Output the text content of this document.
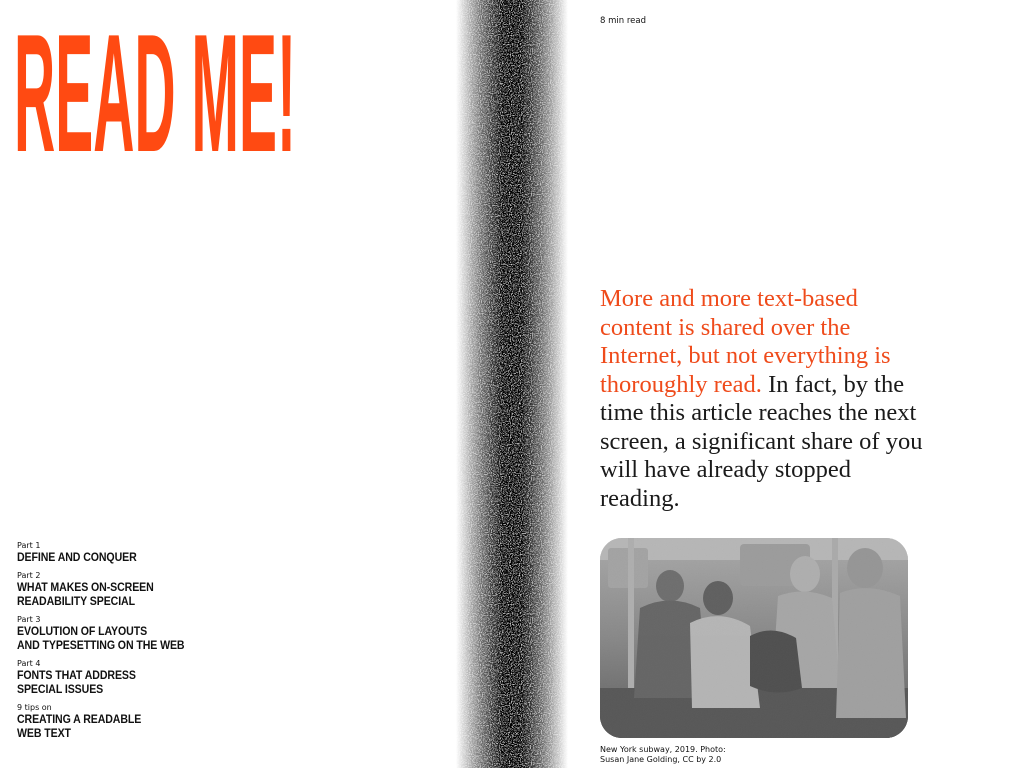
READ ME!
Part 1
DEFINE AND CONQUER
Part 2
WHAT MAKES ON-SCREEN
READABILITY SPECIAL
Part 3
EVOLUTION OF LAYOUTS
AND TYPESETTING ON THE WEB
Part 4
FONTS THAT ADDRESS
SPECIAL ISSUES
9 tips on
CREATING A READABLE
WEB TEXT
8 min read

More and more text-based content is shared over the Internet, but not everything is thoroughly read. In fact, by the time this article reaches the next screen, a significant share of you will have already stopped reading.

New York subway, 2019. Photo:
Susan Jane Golding, CC by 2.0
